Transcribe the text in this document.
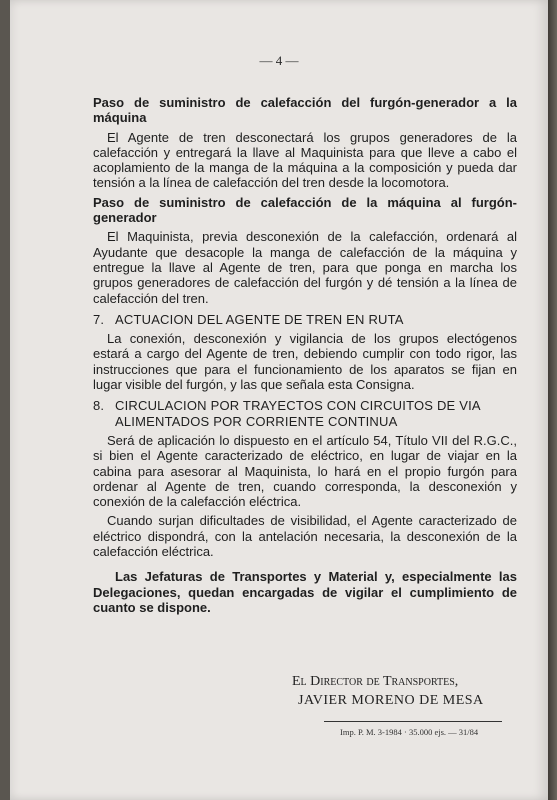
— 4 —

Paso de suministro de calefacción del furgón-generador a la máquina

El Agente de tren desconectará los grupos generadores de la calefacción y entregará la llave al Maquinista para que lleve a cabo el acoplamiento de la manga de la máquina a la composición y pueda dar tensión a la línea de calefacción del tren desde la locomotora.

Paso de suministro de calefacción de la máquina al furgón-generador

El Maquinista, previa desconexión de la calefacción, ordenará al Ayudante que desacople la manga de calefacción de la máquina y entregue la llave al Agente de tren, para que ponga en marcha los grupos generadores de calefacción del furgón y dé tensión a la línea de calefacción del tren.

7. ACTUACION DEL AGENTE DE TREN EN RUTA

La conexión, desconexión y vigilancia de los grupos electógenos estará a cargo del Agente de tren, debiendo cumplir con todo rigor, las instrucciones que para el funcionamiento de los aparatos se fijan en lugar visible del furgón, y las que señala esta Consigna.

8. CIRCULACION POR TRAYECTOS CON CIRCUITOS DE VIA ALIMENTADOS POR CORRIENTE CONTINUA

Será de aplicación lo dispuesto en el artículo 54, Título VII del R.G.C., si bien el Agente caracterizado de eléctrico, en lugar de viajar en la cabina para asesorar al Maquinista, lo hará en el propio furgón para ordenar al Agente de tren, cuando corresponda, la desconexión y conexión de la calefacción eléctrica.

Cuando surjan dificultades de visibilidad, el Agente caracterizado de eléctrico dispondrá, con la antelación necesaria, la desconexión de la calefacción eléctrica.

Las Jefaturas de Transportes y Material y, especialmente las Delegaciones, quedan encargadas de vigilar el cumplimiento de cuanto se dispone.

El Director de Transportes,
JAVIER MORENO DE MESA
Imp. P. M. 3-1984 · 35.000 ejs. — 31/84
